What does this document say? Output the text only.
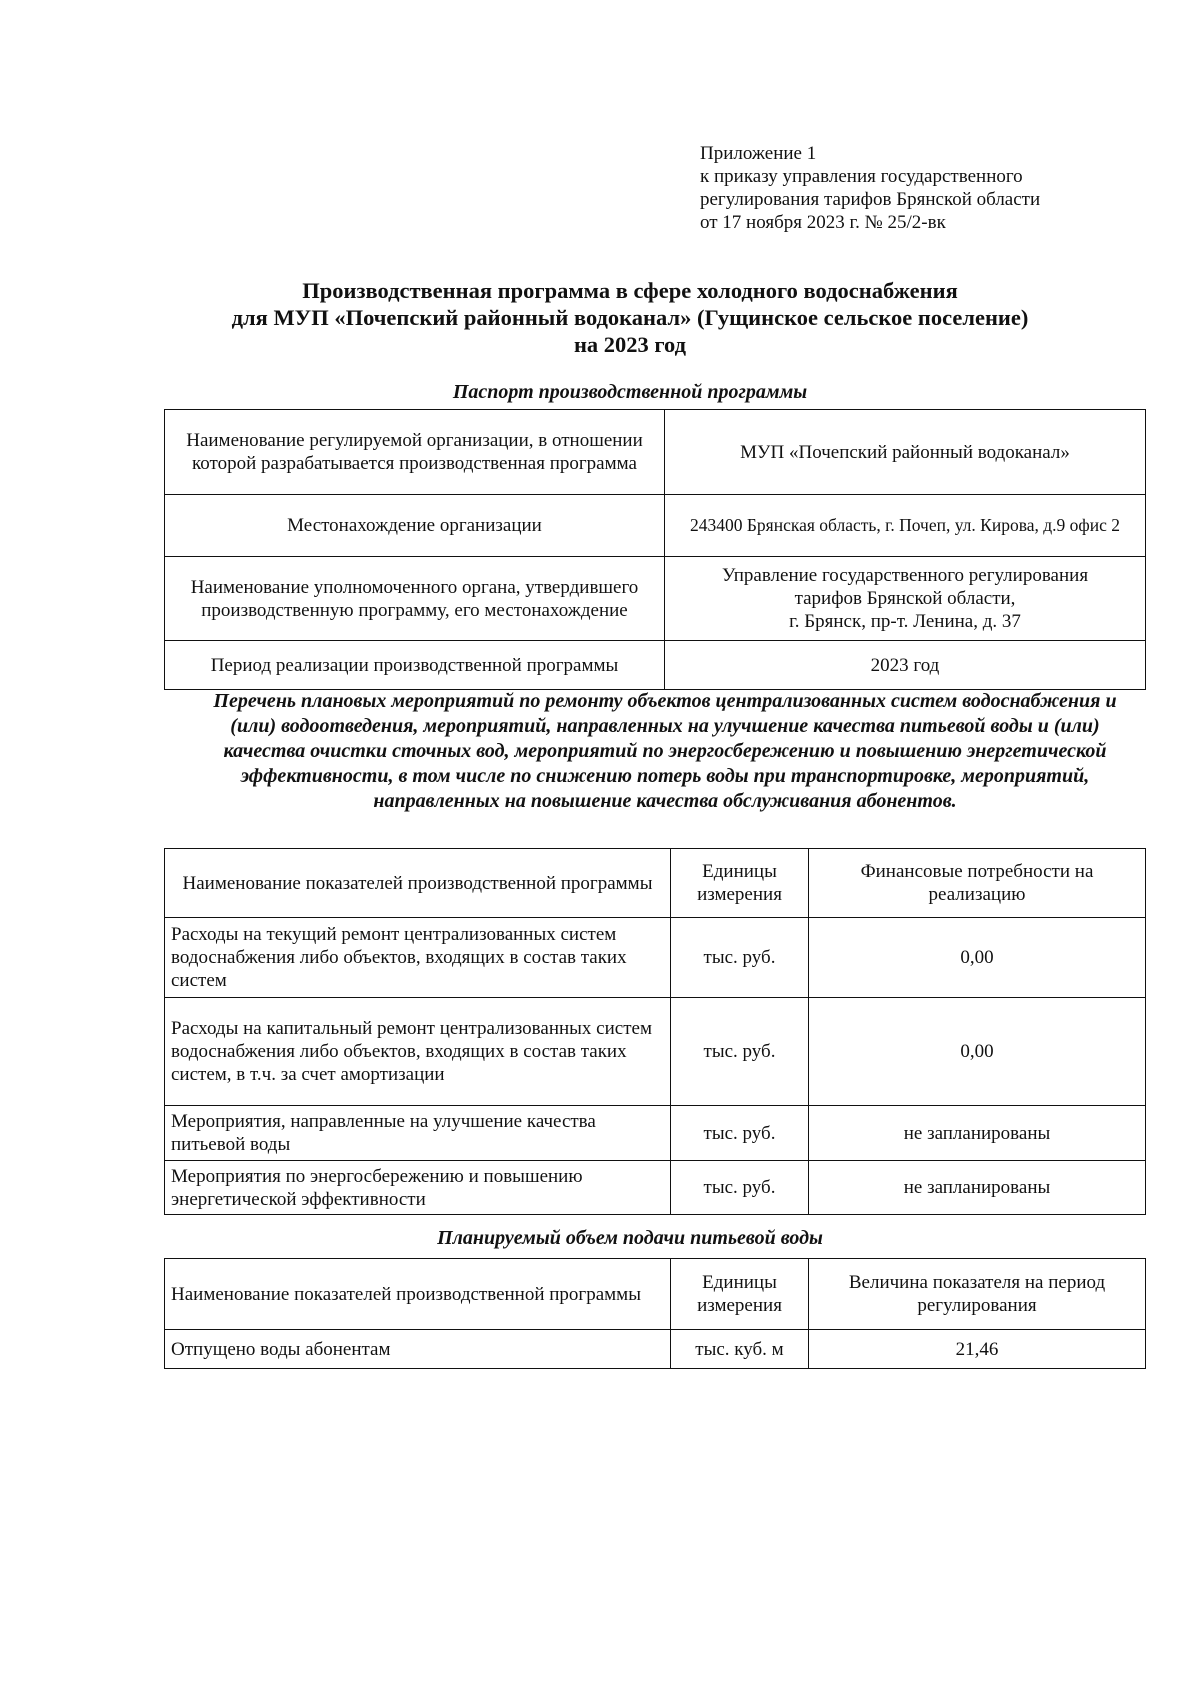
Приложение 1
к приказу управления государственного
регулирования тарифов Брянской области
от 17 ноября 2023 г. № 25/2-вк
Производственная программа в сфере холодного водоснабжения
для МУП «Почепский районный водоканал» (Гущинское сельское поселение)
на 2023 год
Паспорт производственной программы
Наименование регулируемой организации, в отношении которой разрабатывается производственная программа	МУП «Почепский районный водоканал»
Местонахождение организации	243400 Брянская область, г. Почеп, ул. Кирова, д.9 офис 2
Наименование уполномоченного органа, утвердившего производственную программу, его местонахождение	Управление государственного регулирования
тарифов Брянской области,
г. Брянск, пр-т. Ленина, д. 37

Период реализации производственной программы	2023 год
Перечень плановых мероприятий по ремонту объектов централизованных систем водоснабжения и (или) водоотведения, мероприятий, направленных на улучшение качества питьевой воды и (или) качества очистки сточных вод, мероприятий по энергосбережению и повышению энергетической эффективности, в том числе по снижению потерь воды при транспортировке, мероприятий, направленных на повышение качества обслуживания абонентов.
Наименование показателей производственной программы	Единицы измерения	Финансовые потребности на реализацию
Расходы на текущий ремонт централизованных систем водоснабжения либо объектов, входящих в состав таких систем	тыс. руб.	0,00
Расходы на капитальный ремонт централизованных систем водоснабжения либо объектов, входящих в состав таких систем, в т.ч. за счет амортизации	тыс. руб.	0,00
Мероприятия, направленные на улучшение качества питьевой воды	тыс. руб.	не запланированы
Мероприятия по энергосбережению и повышению энергетической эффективности	тыс. руб.	не запланированы
Планируемый объем подачи питьевой воды
Наименование показателей производственной программы	Единицы измерения	Величина показателя на период регулирования
Отпущено воды абонентам	тыс. куб. м	21,46
